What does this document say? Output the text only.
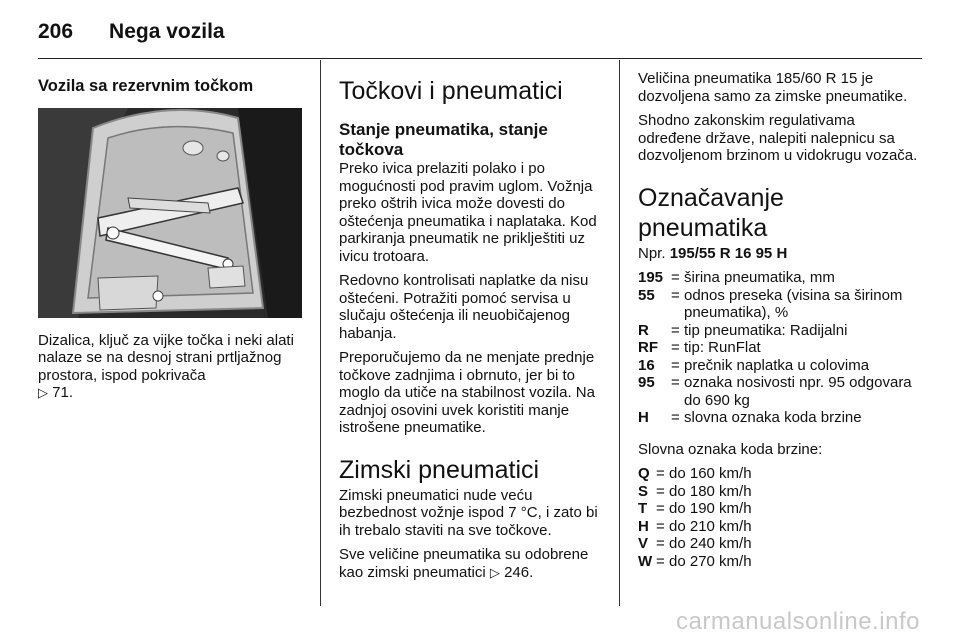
206 Nega vozila
Vozila sa rezervnim točkom
Dizalica, ključ za vijke točka i neki alati nalaze se na desnoj strani prtljažnog prostora, ispod pokrivača
▷ 71.
Točkovi i pneumatici
Stanje pneumatika, stanje točkova

Preko ivica prelaziti polako i po mogućnosti pod pravim uglom. Vožnja preko oštrih ivica može dovesti do oštećenja pneumatika i naplataka. Kod parkiranja pneumatik ne priklještiti uz ivicu trotoara.

Redovno kontrolisati naplatke da nisu oštećeni. Potražiti pomoć servisa u slučaju oštećenja ili neuobičajenog habanja.

Preporučujemo da ne menjate prednje točkove zadnjima i obrnuto, jer bi to moglo da utiče na stabilnost vozila. Na zadnjoj osovini uvek koristiti manje istrošene pneumatike.

Zimski pneumatici

Zimski pneumatici nude veću bezbednost vožnje ispod 7 °C, i zato bi ih trebalo staviti na sve točkove.

Sve veličine pneumatika su odobrene kao zimski pneumatici ▷ 246.

Veličina pneumatika 185/60 R 15 je dozvoljena samo za zimske pneumatike.

Shodno zakonskim regulativama određene države, nalepiti nalepnicu sa dozvoljenom brzinom u vidokrugu vozača.

Označavanje pneumatika

Npr. 195/55 R 16 95 H

195 = širina pneumatika, mm
55	= odnos preseka (visina sa širinom pneumatika), %
R	= tip pneumatika: Radijalni
RF = tip: RunFlat
16	= prečnik naplatka u colovima
95	= oznaka nosivosti npr. 95 odgovara do 690 kg
H	= slovna oznaka koda brzine

Slovna oznaka koda brzine:

Q = do 160 km/h
S = do 180 km/h
T = do 190 km/h
H = do 210 km/h
V = do 240 km/h
W = do 270 km/h
carmanualsonline.info
